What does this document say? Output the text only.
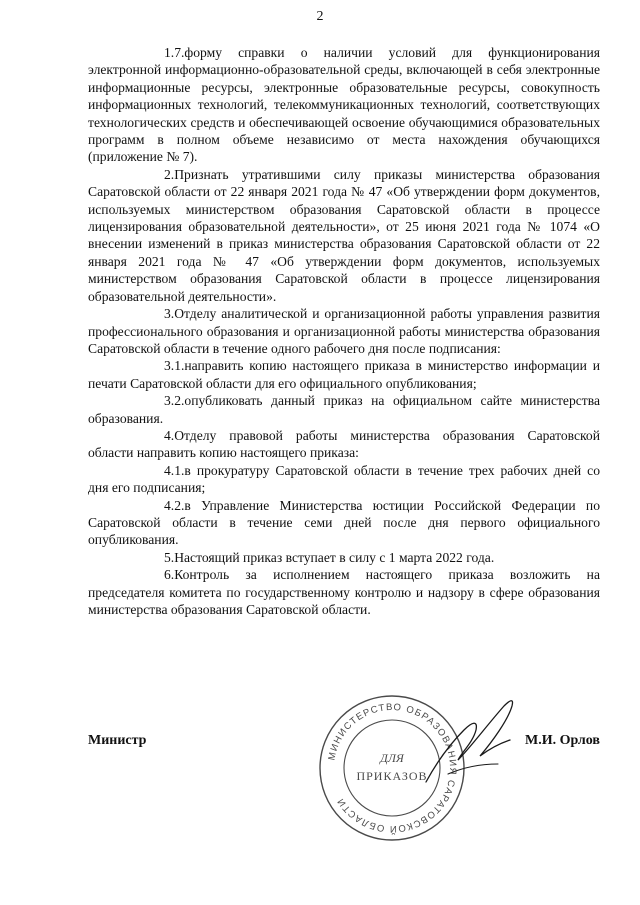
2

1.7.форму справки о наличии условий для функционирования электронной информационно-образовательной среды, включающей в себя электронные информационные ресурсы, электронные образовательные ресурсы, совокупность информационных технологий, телекоммуникационных технологий, соответствующих технологических средств и обеспечивающей освоение обучающимися образовательных программ в полном объеме независимо от места нахождения обучающихся (приложение № 7).

2.Признать утратившими силу приказы министерства образования Саратовской области от 22 января 2021 года № 47 «Об утверждении форм документов, используемых министерством образования Саратовской области в процессе лицензирования образовательной деятельности», от 25 июня 2021 года № 1074 «О внесении изменений в приказ министерства образования Саратовской области от 22 января 2021 года № 47 «Об утверждении форм документов, используемых министерством образования Саратовской области в процессе лицензирования образовательной деятельности».

3.Отделу аналитической и организационной работы управления развития профессионального образования и организационной работы министерства образования Саратовской области в течение одного рабочего дня после подписания:

3.1.направить копию настоящего приказа в министерство информации и печати Саратовской области для его официального опубликования;

3.2.опубликовать данный приказ на официальном сайте министерства образования.

4.Отделу правовой работы министерства образования Саратовской области направить копию настоящего приказа:

4.1.в прокуратуру Саратовской области в течение трех рабочих дней со дня его подписания;

4.2.в Управление Министерства юстиции Российской Федерации по Саратовской области в течение семи дней после дня первого официального опубликования.

5.Настоящий приказ вступает в силу с 1 марта 2022 года.

6.Контроль за исполнением настоящего приказа возложить на председателя комитета по государственному контролю и надзору в сфере образования министерства образования Саратовской области.

МИНИСТЕРСТВО ОБРАЗОВАНИЯ САРАТОВСКОЙ ОБЛАСТИ
ДЛЯ
ПРИКАЗОВ
Министр	М.И. Орлов
